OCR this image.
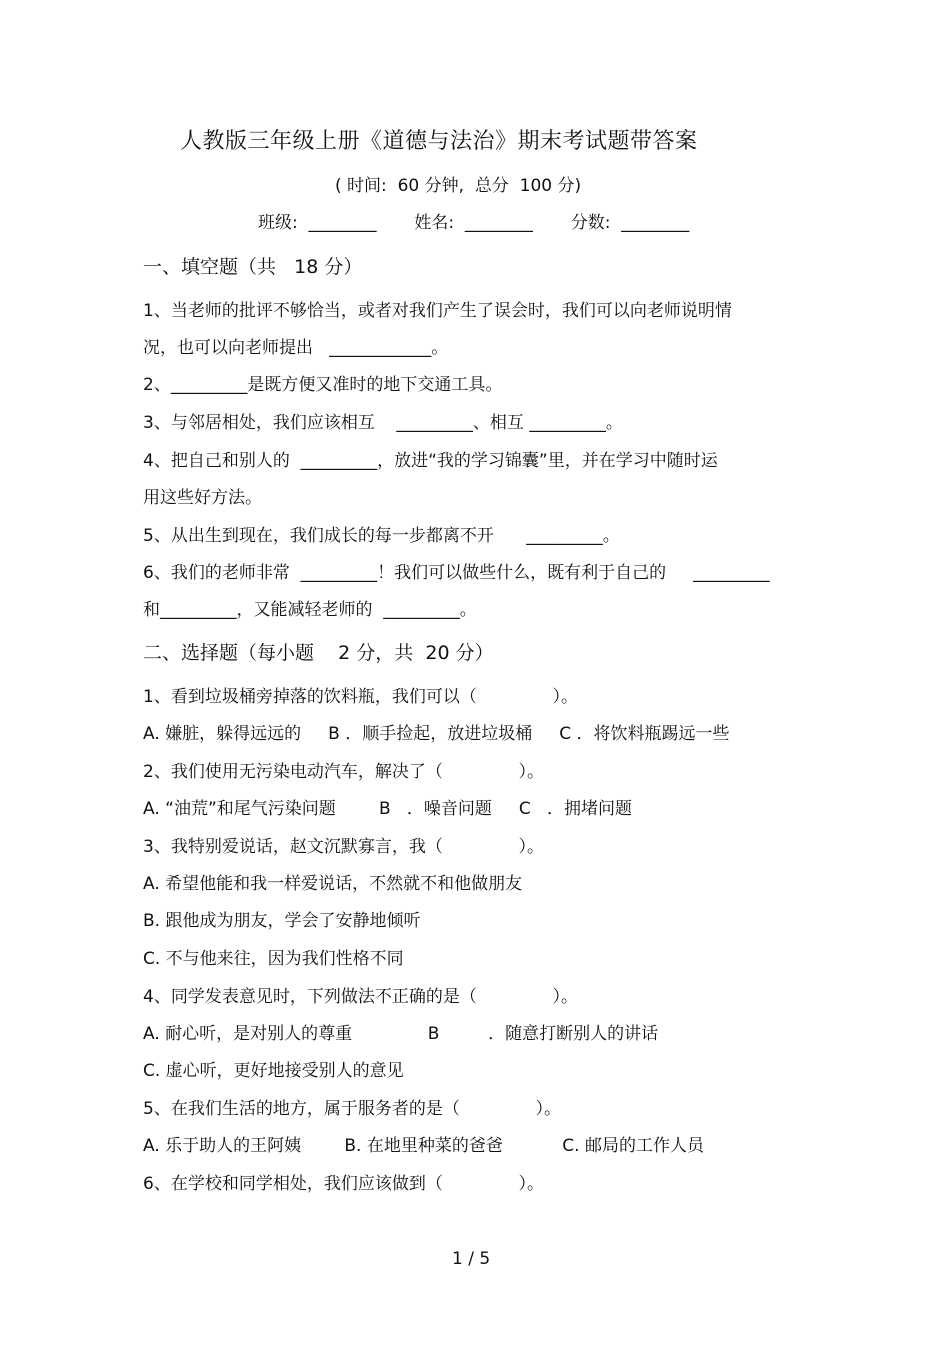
人教版三年级上册《道德与法治》期末考试题带答案
( 时间:  60 分钟,  总分  100 分)
班级:  ________       姓名:  ________       分数:  ________
一、填空题（共   18 分）
1、当老师的批评不够恰当，或者对我们产生了误会时，我们可以向老师说明情
况，也可以向老师提出   ____________。
2、_________是既方便又准时的地下交通工具。
3、与邻居相处，我们应该相互    _________、相互 _________。
4、把自己和别人的  _________，放进“我的学习锦囊”里，并在学习中随时运
用这些好方法。
5、从出生到现在，我们成长的每一步都离不开      _________。
6、我们的老师非常  _________！我们可以做些什么，既有利于自己的     _________
和_________，又能减轻老师的  _________。
二、选择题（每小题    2 分，共  20 分）
1、看到垃圾桶旁掉落的饮料瓶，我们可以（              ）。
A. 嫌脏，躲得远远的     B ．顺手捡起，放进垃圾桶     C ．将饮料瓶踢远一些
2、我们使用无污染电动汽车，解决了（              ）。
A. “油荒”和尾气污染问题        B   ．噪音问题     C   ．拥堵问题
3、我特别爱说话，赵文沉默寡言，我（              ）。
A. 希望他能和我一样爱说话，不然就不和他做朋友
B. 跟他成为朋友，学会了安静地倾听
C. 不与他来往，因为我们性格不同
4、同学发表意见时，下列做法不正确的是（              ）。
A. 耐心听，是对别人的尊重              B         ．随意打断别人的讲话
C. 虚心听，更好地接受别人的意见
5、在我们生活的地方，属于服务者的是（              ）。
A. 乐于助人的王阿姨        B. 在地里种菜的爸爸           C. 邮局的工作人员
6、在学校和同学相处，我们应该做到（              ）。
1 / 5
